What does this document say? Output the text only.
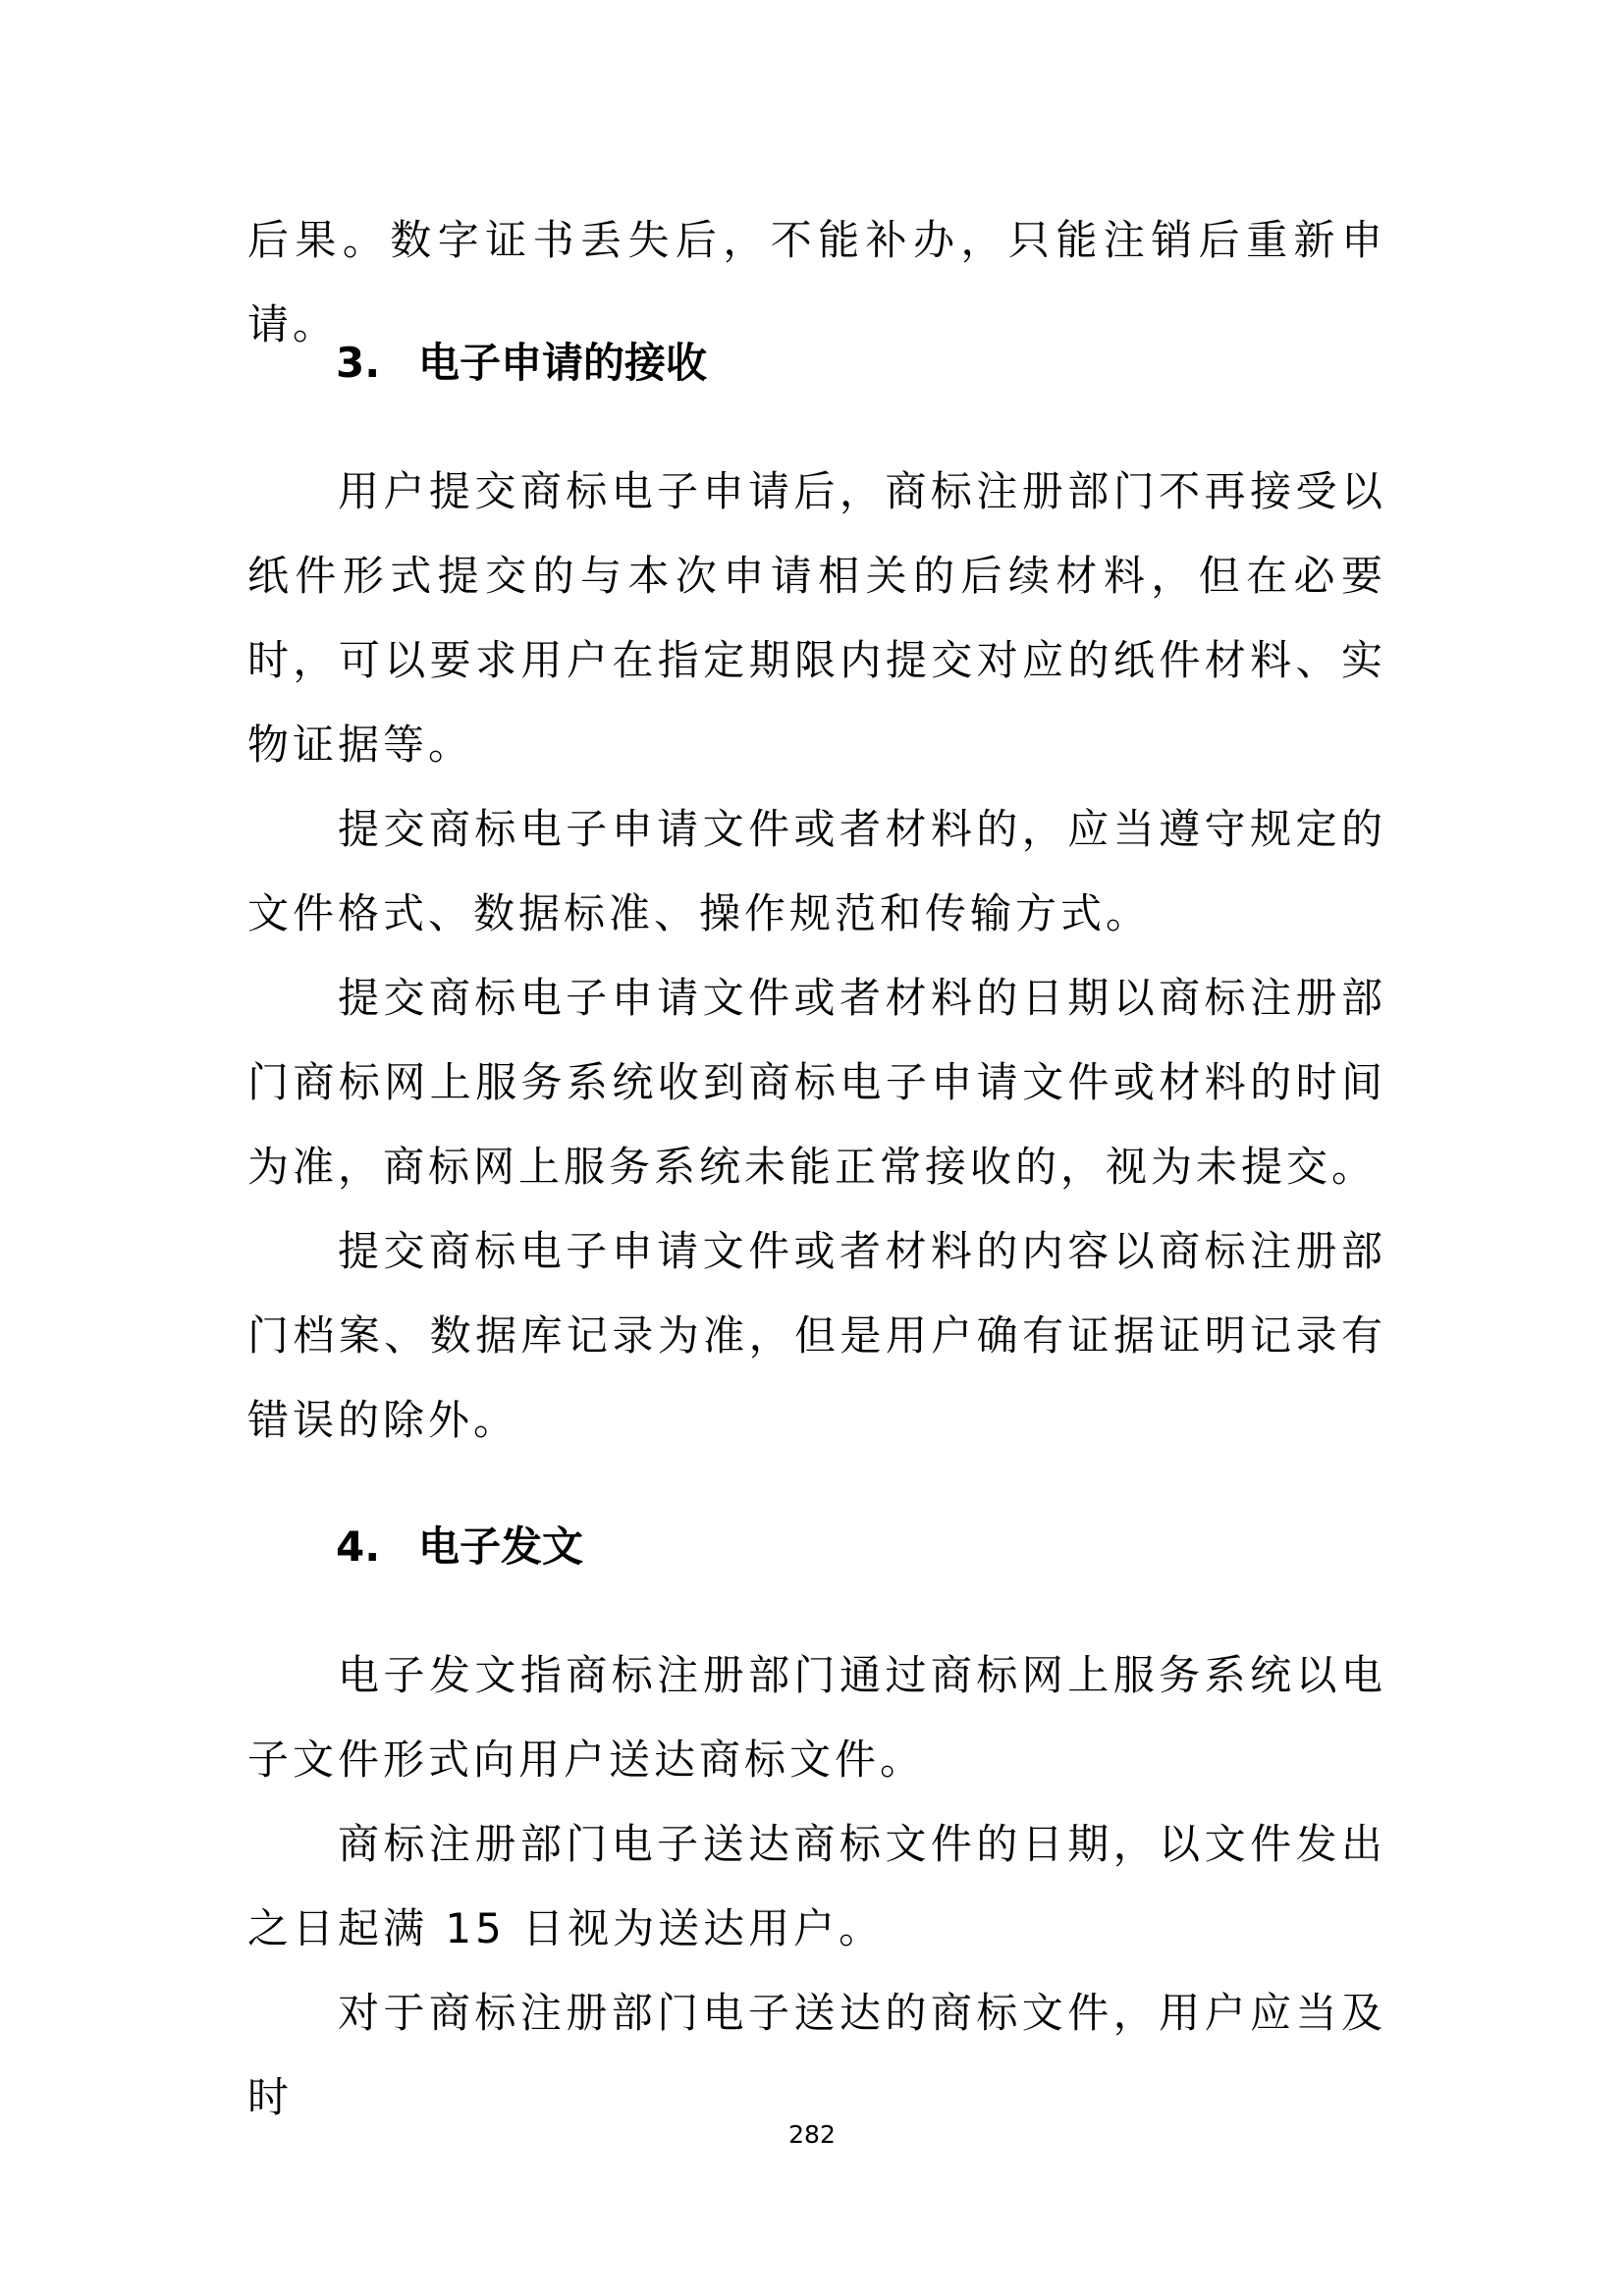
后果。数字证书丢失后，不能补办，只能注销后重新申请。

3. 电子申请的接收

用户提交商标电子申请后，商标注册部门不再接受以纸件形式提交的与本次申请相关的后续材料，但在必要时，可以要求用户在指定期限内提交对应的纸件材料、实物证据等。

提交商标电子申请文件或者材料的，应当遵守规定的文件格式、数据标准、操作规范和传输方式。

提交商标电子申请文件或者材料的日期以商标注册部门商标网上服务系统收到商标电子申请文件或材料的时间为准，商标网上服务系统未能正常接收的，视为未提交。

提交商标电子申请文件或者材料的内容以商标注册部门档案、数据库记录为准，但是用户确有证据证明记录有错误的除外。

4. 电子发文

电子发文指商标注册部门通过商标网上服务系统以电子文件形式向用户送达商标文件。

商标注册部门电子送达商标文件的日期，以文件发出之日起满 15 日视为送达用户。

对于商标注册部门电子送达的商标文件，用户应当及时

282
